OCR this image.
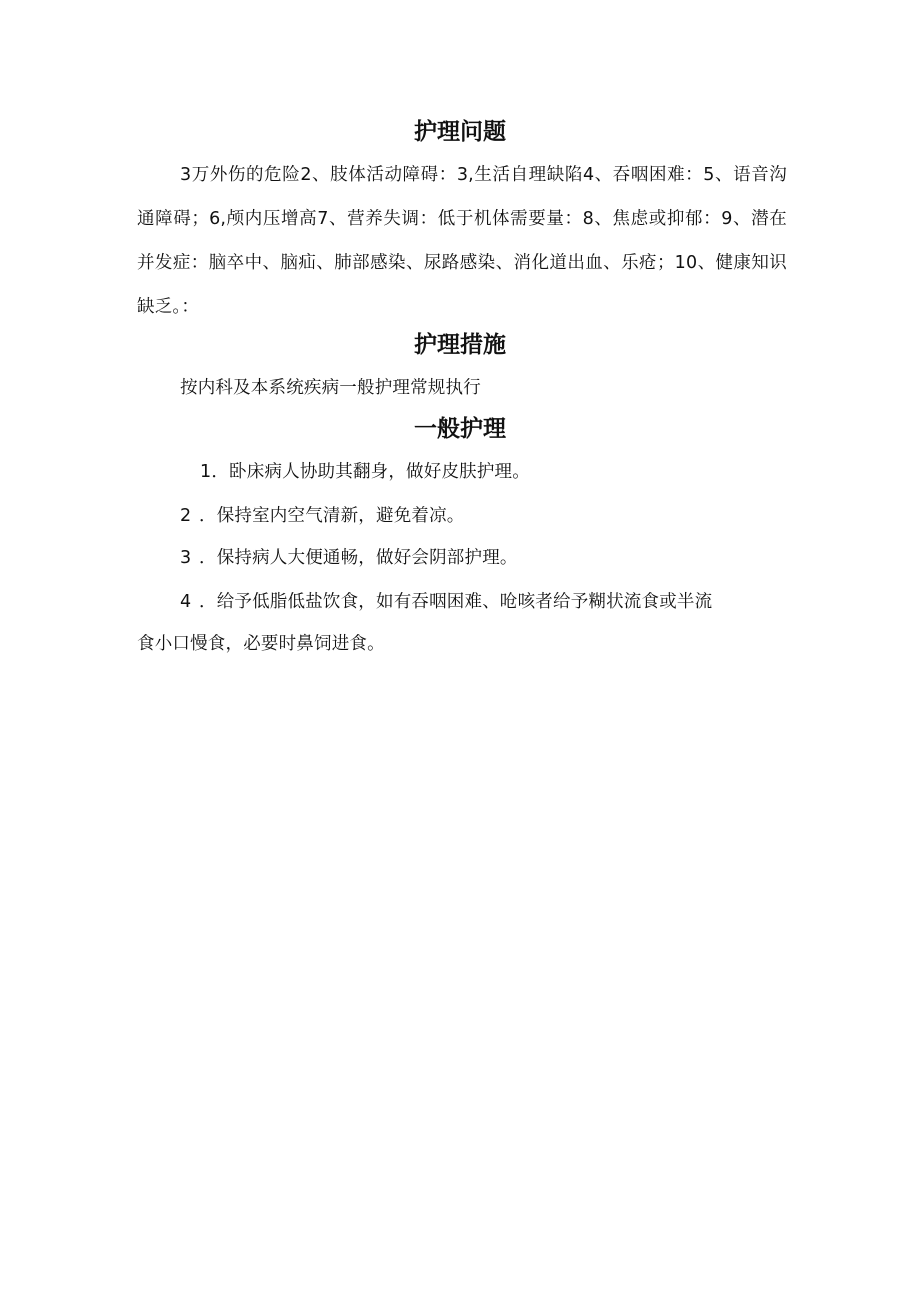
护理问题

3万外伤的危险2、肢体活动障碍：3,生活自理缺陷4、吞咽困难：5、语音沟通障碍；6,颅内压增高7、营养失调：低于机体需要量：8、焦虑或抑郁：9、潜在并发症：脑卒中、脑疝、肺部感染、尿路感染、消化道出血、乐疮；10、健康知识缺乏。：

护理措施

按内科及本系统疾病一般护理常规执行

一般护理
1．卧床病人协助其翻身，做好皮肤护理。
2 ．保持室内空气清新，避免着凉。
3 ．保持病人大便通畅，做好会阴部护理。
4 ．给予低脂低盐饮食，如有吞咽困难、呛咳者给予糊状流食或半流
食小口慢食，必要时鼻饲进食。
